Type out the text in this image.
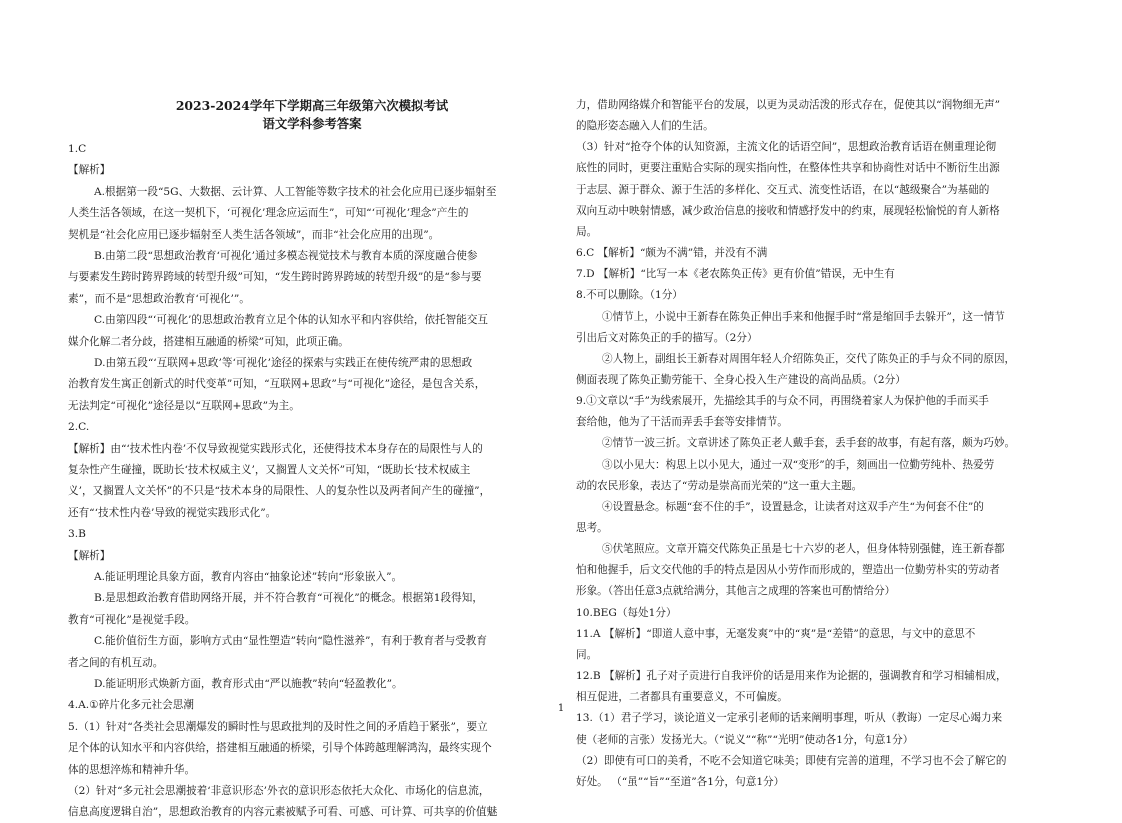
2023-2024学年下学期高三年级第六次模拟考试
语文学科参考答案
1.C
【解析】
A.根据第一段“5G、大数据、云计算、人工智能等数字技术的社会化应用已逐步辐射至
人类生活各领域，在这一契机下，‘可视化’理念应运而生”，可知“‘可视化’理念”产生的
契机是“社会化应用已逐步辐射至人类生活各领域”，而非“社会化应用的出现”。
B.由第二段“思想政治教育‘可视化’通过多模态视觉技术与教育本质的深度融合使参
与要素发生跨时跨界跨域的转型升级”可知，“发生跨时跨界跨域的转型升级”的是“参与要
素”，而不是“思想政治教育‘可视化’”。
C.由第四段“‘可视化’的思想政治教育立足个体的认知水平和内容供给，依托智能交互
媒介化解二者分歧，搭建相互融通的桥梁”可知，此项正确。
D.由第五段“‘互联网+思政’等‘可视化’途径的探索与实践正在使传统严肃的思想政
治教育发生寓正创新式的时代变革”可知，“互联网+思政”与“可视化”途径，是包含关系，
无法判定“可视化”途径是以“互联网+思政”为主。
2.C.
【解析】由“‘技术性内卷’不仅导致视觉实践形式化，还使得技术本身存在的局限性与人的
复杂性产生碰撞，既助长‘技术权威主义’，又搁置人文关怀”可知，“既助长‘技术权威主
义’，又搁置人文关怀”的不只是“技术本身的局限性、人的复杂性以及两者间产生的碰撞”，
还有“‘技术性内卷’导致的视觉实践形式化”。
3.B
【解析】
A.能证明理论具象方面，教育内容由“抽象论述”转向“形象嵌入”。
B.是思想政治教育借助网络开展，并不符合教育“可视化”的概念。根据第1段得知，
教育“可视化”是视觉手段。
C.能价值衍生方面，影响方式由“显性塑造”转向“隐性滋养”，有利于教育者与受教育
者之间的有机互动。
D.能证明形式焕新方面，教育形式由“严以施教”转向“轻盈教化”。
4.A.①碎片化多元社会思潮
5.（1）针对“各类社会思潮爆发的瞬时性与思政批判的及时性之间的矛盾趋于紧张”，要立
足个体的认知水平和内容供给，搭建相互融通的桥梁，引导个体跨越理解鸿沟，最终实现个
体的思想淬炼和精神升华。
（2）针对“多元社会思潮披着‘非意识形态’外衣的意识形态依托大众化、市场化的信息流，
信息高度逻辑自治”，思想政治教育的内容元素被赋予可看、可感、可计算、可共享的价值魅
力，借助网络媒介和智能平台的发展，以更为灵动活泼的形式存在，促使其以“润物细无声”
的隐形姿态融入人们的生活。
（3）针对“抢夺个体的认知资源，主流文化的话语空间”，思想政治教育话语在侧重理论彻
底性的同时，更要注重贴合实际的现实指向性，在整体性共享和协商性对话中不断衍生出源
于志层、源于群众、源于生活的多样化、交互式、流变性话语，在以“越级聚合”为基础的
双向互动中映射情感，减少政治信息的接收和情感抒发中的约束，展现轻松愉悦的育人新格
局。
6.C 【解析】“颇为不满”错，并没有不满
7.D 【解析】“比写一本《老农陈奂正传》更有价值”错误，无中生有
8.不可以删除。（1分）
①情节上，小说中王新春在陈奂正伸出手来和他握手时“常是缩回手去躲开”，这一情节
引出后文对陈奂正的手的描写。（2分）
②人物上，副组长王新春对周围年轻人介绍陈奂正，交代了陈奂正的手与众不同的原因，
侧面表现了陈奂正勤劳能干、全身心投入生产建设的高尚品质。（2分）
9.①文章以“手”为线索展开，先描绘其手的与众不同，再围绕着家人为保护他的手而买手
套给他，他为了干活而弄丢手套等安排情节。
②情节一波三折。文章讲述了陈奂正老人戴手套，丢手套的故事，有起有落，颇为巧妙。
③以小见大：构思上以小见大，通过一双“变形”的手，刻画出一位勤劳纯朴、热爱劳
动的农民形象，表达了“劳动是崇高而光荣的”这一重大主题。
④设置悬念。标题“套不住的手”，设置悬念，让读者对这双手产生“为何套不住”的
思考。
⑤伏笔照应。文章开篇交代陈奂正虽是七十六岁的老人，但身体特别强健，连王新春都
怕和他握手，后文交代他的手的特点是因从小劳作而形成的，塑造出一位勤劳朴实的劳动者
形象。（答出任意3点就给满分，其他言之成理的答案也可酌情给分）
10.BEG（每处1分）
11.A 【解析】“即道人意中事，无毫发爽”中的“爽”是“差错”的意思，与文中的意思不
同。
12.B 【解析】孔子对子贡进行自我评价的话是用来作为论据的，强调教育和学习相辅相成，
相互促进，二者都具有重要意义，不可偏废。
13.（1）君子学习，谈论道义一定承引老师的话来阐明事理，听从（教诲）一定尽心竭力来
使（老师的言张）发扬光大。（“说义”“称”“光明”使动各1分，句意1分）
（2）即使有可口的美肴，不吃不会知道它味美；即使有完善的道理，不学习也不会了解它的
好处。 （“虽”“旨”“至道”各1分，句意1分）
1
